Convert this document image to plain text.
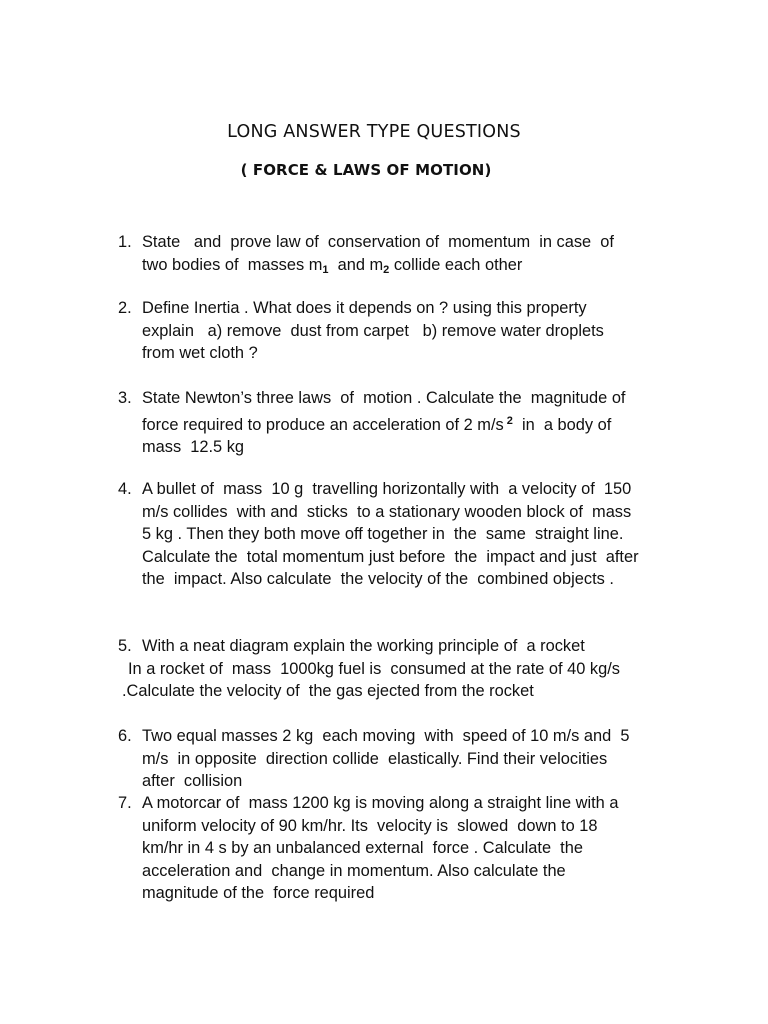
LONG ANSWER TYPE QUESTIONS
( FORCE & LAWS OF MOTION)
1. State   and  prove law of  conservation of  momentum  in case  of
two bodies of  masses $m_1$  and $m_2$ collide each other
2. Define Inertia . What does it depends on ? using this property
explain   a) remove  dust from carpet   b) remove water droplets
from wet cloth ?
3. State Newton’s three laws  of  motion . Calculate the  magnitude of
force required to produce an acceleration of 2 m/s $^2$  in  a body of
mass  12.5 kg
4. A bullet of  mass  10 g  travelling horizontally with  a velocity of  150
m/s collides  with and  sticks  to a stationary wooden block of  mass
5 kg . Then they both move off together in  the  same  straight line.
Calculate the  total momentum just before  the  impact and just  after
the  impact. Also calculate  the velocity of the  combined objects .
5. With a neat diagram explain the working principle of  a rocket
In a rocket of  mass  1000kg fuel is  consumed at the rate of 40 kg/s
.Calculate the velocity of  the gas ejected from the rocket
6. Two equal masses 2 kg  each moving  with  speed of 10 m/s and  5
m/s  in opposite  direction collide  elastically. Find their velocities
after  collision
7. A motorcar of  mass 1200 kg is moving along a straight line with a
uniform velocity of 90 km/hr. Its  velocity is  slowed  down to 18
km/hr in 4 s by an unbalanced external  force . Calculate  the
acceleration and  change in momentum. Also calculate the
magnitude of the  force required
